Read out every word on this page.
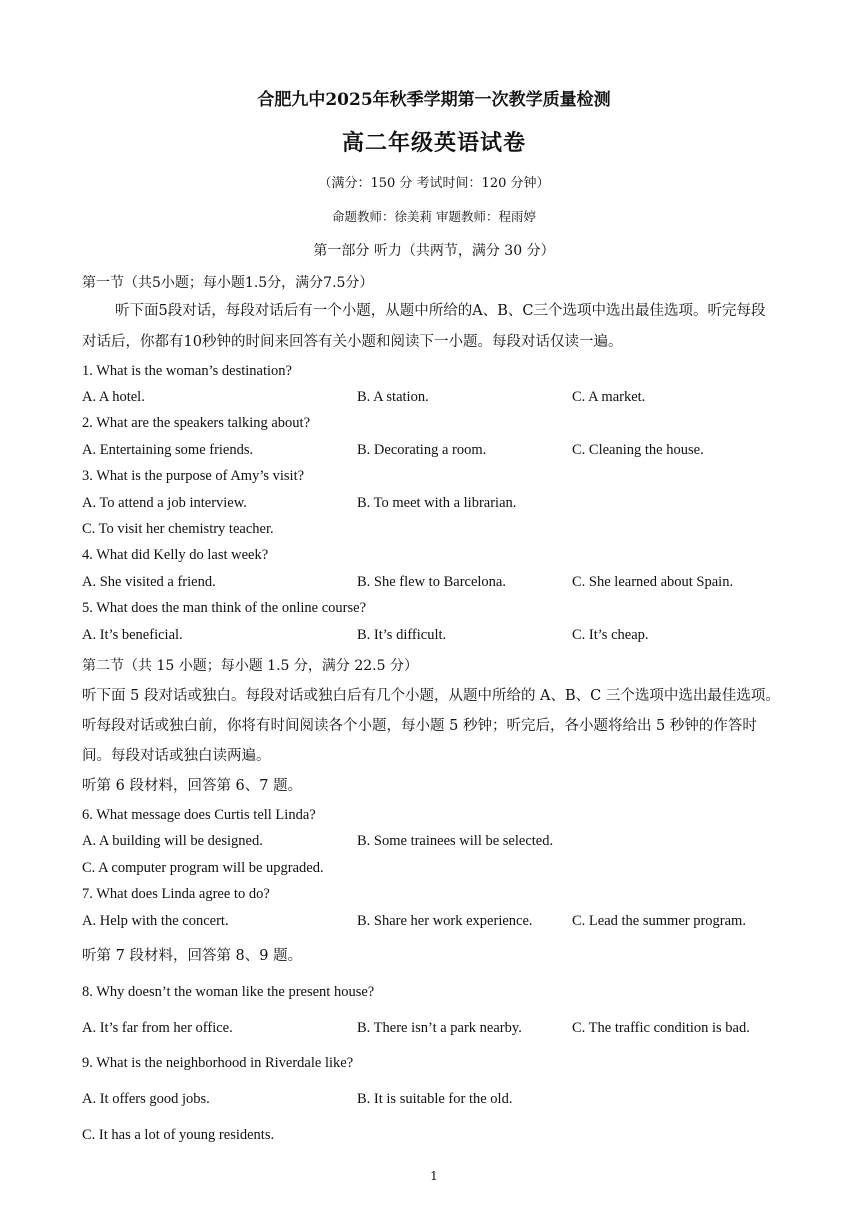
合肥九中2025年秋季学期第一次教学质量检测
高二年级英语试卷
（满分：150 分 考试时间：120 分钟）
命题教师：徐美莉 审题教师：程雨婷
第一部分 听力（共两节，满分 30 分）
第一节（共5小题；每小题1.5分，满分7.5分）
听下面5段对话，每段对话后有一个小题，从题中所给的A、B、C三个选项中选出最佳选项。听完每段
对话后，你都有10秒钟的时间来回答有关小题和阅读下一小题。每段对话仅读一遍。
1. What is the woman’s destination?
A. A hotel.	B. A station.	C. A market.
2. What are the speakers talking about?
A. Entertaining some friends.	B. Decorating a room.	C. Cleaning the house.
3. What is the purpose of Amy’s visit?
A. To attend a job interview.	B. To meet with a librarian.
C. To visit her chemistry teacher.
4. What did Kelly do last week?
A. She visited a friend.	B. She flew to Barcelona.	C. She learned about Spain.
5. What does the man think of the online course?
A. It’s beneficial.	B. It’s difficult.	C. It’s cheap.
第二节（共 15 小题；每小题 1.5 分，满分 22.5 分）
听下面 5 段对话或独白。每段对话或独白后有几个小题，从题中所给的 A、B、C 三个选项中选出最佳选项。
听每段对话或独白前，你将有时间阅读各个小题，每小题 5 秒钟；听完后，各小题将给出 5 秒钟的作答时
间。每段对话或独白读两遍。
听第 6 段材料，回答第 6、7 题。
6. What message does Curtis tell Linda?
A. A building will be designed.	B. Some trainees will be selected.
C. A computer program will be upgraded.
7. What does Linda agree to do?
A. Help with the concert.	B. Share her work experience.	C. Lead the summer program.
听第 7 段材料，回答第 8、9 题。
8. Why doesn’t the woman like the present house?
A. It’s far from her office.	B. There isn’t a park nearby.	C. The traffic condition is bad.
9. What is the neighborhood in Riverdale like?
A. It offers good jobs.	B. It is suitable for the old.
C. It has a lot of young residents.
1
